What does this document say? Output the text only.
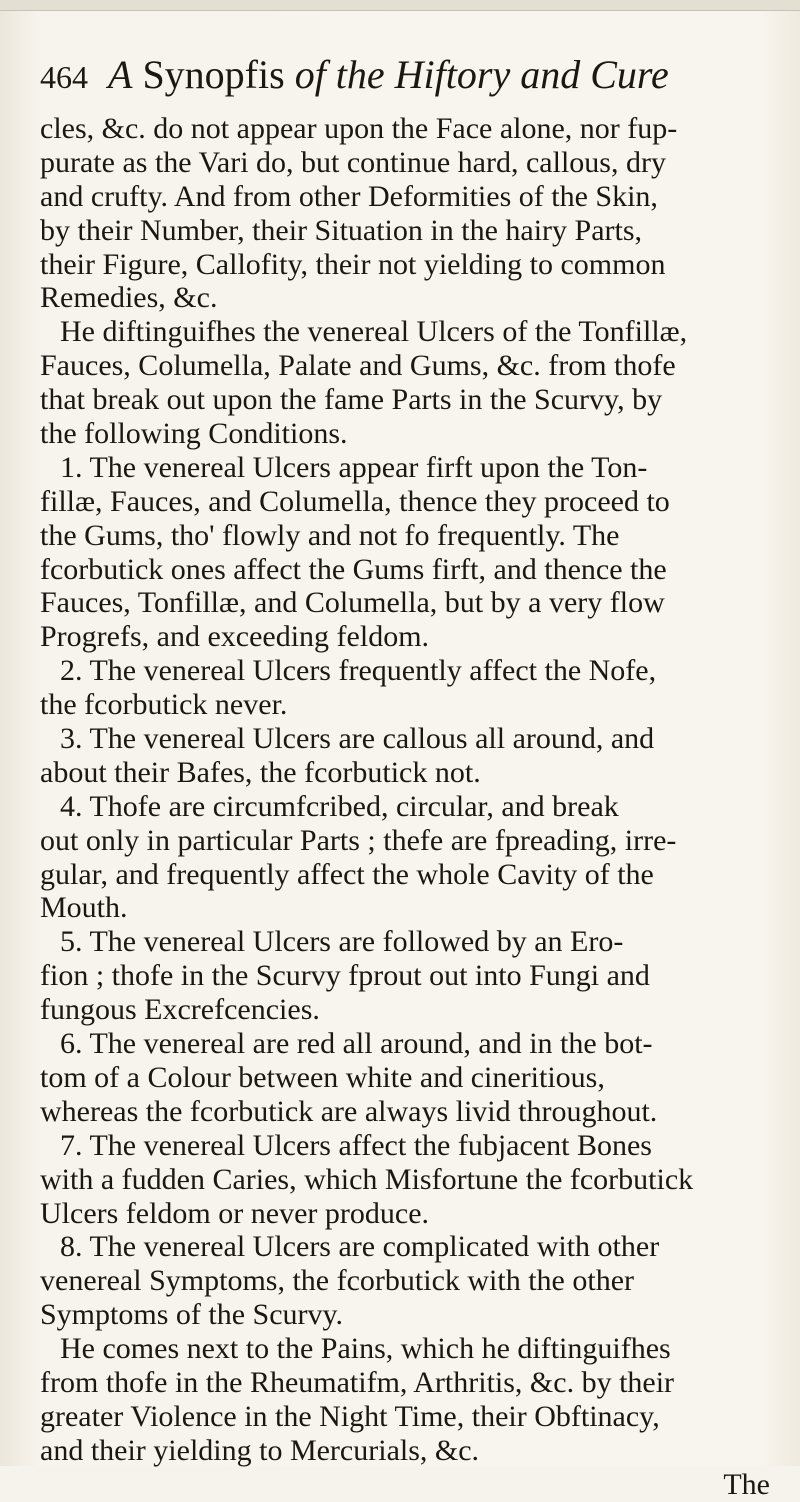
464 A Synopfis of the Hiftory and Cure
cles, &c. do not appear upon the Face alone, nor fup-
purate as the Vari do, but continue hard, callous, dry
and crufty. And from other Deformities of the Skin,
by their Number, their Situation in the hairy Parts,
their Figure, Callofity, their not yielding to common
Remedies, &c.
He diftinguifhes the venereal Ulcers of the Tonfillæ,
Fauces, Columella, Palate and Gums, &c. from thofe
that break out upon the fame Parts in the Scurvy, by
the following Conditions.
1. The venereal Ulcers appear firft upon the Ton-
fillæ, Fauces, and Columella, thence they proceed to
the Gums, tho' flowly and not fo frequently. The
fcorbutick ones affect the Gums firft, and thence the
Fauces, Tonfillæ, and Columella, but by a very flow
Progrefs, and exceeding feldom.
2. The venereal Ulcers frequently affect the Nofe,
the fcorbutick never.
3. The venereal Ulcers are callous all around, and
about their Bafes, the fcorbutick not.
4. Thofe are circumfcribed, circular, and break
out only in particular Parts ; thefe are fpreading, irre-
gular, and frequently affect the whole Cavity of the
Mouth.
5. The venereal Ulcers are followed by an Ero-
fion ; thofe in the Scurvy fprout out into Fungi and
fungous Excrefcencies.
6. The venereal are red all around, and in the bot-
tom of a Colour between white and cineritious,
whereas the fcorbutick are always livid throughout.
7. The venereal Ulcers affect the fubjacent Bones
with a fudden Caries, which Misfortune the fcorbutick
Ulcers feldom or never produce.
8. The venereal Ulcers are complicated with other
venereal Symptoms, the fcorbutick with the other
Symptoms of the Scurvy.
He comes next to the Pains, which he diftinguifhes
from thofe in the Rheumatifm, Arthritis, &c. by their
greater Violence in the Night Time, their Obftinacy,
and their yielding to Mercurials, &c.
The
